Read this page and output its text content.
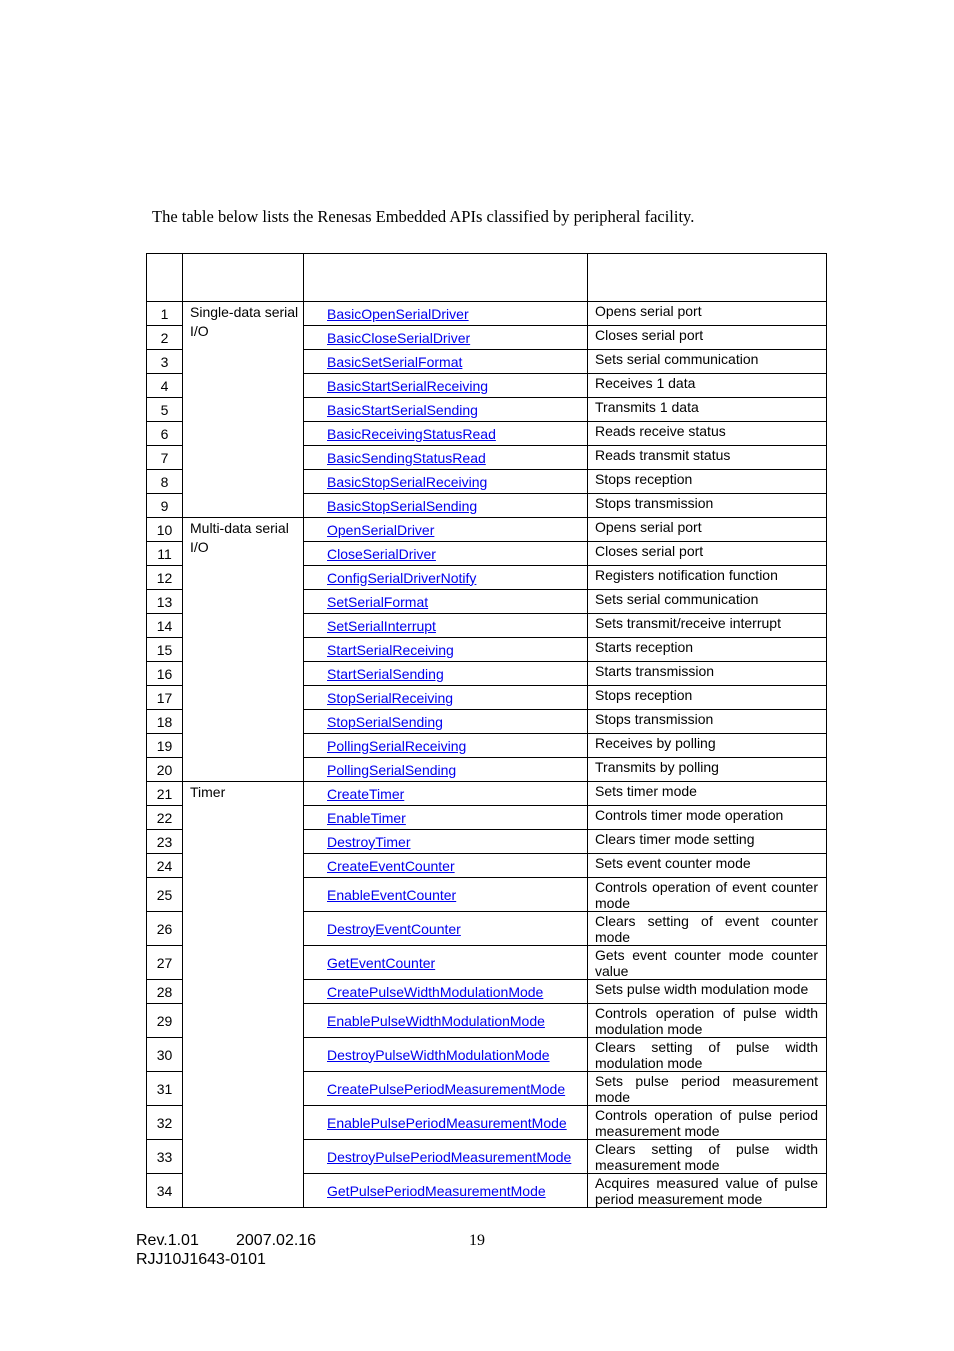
The table below lists the Renesas Embedded APIs classified by peripheral facility.

1	Single-data serial I/O	BasicOpenSerialDriver	Opens serial port
2		BasicCloseSerialDriver	Closes serial port
3		BasicSetSerialFormat	Sets serial communication
4		BasicStartSerialReceiving	Receives 1 data
5		BasicStartSerialSending	Transmits 1 data
6		BasicReceivingStatusRead	Reads receive status
7		BasicSendingStatusRead	Reads transmit status
8		BasicStopSerialReceiving	Stops reception
9		BasicStopSerialSending	Stops transmission
10	Multi-data serial I/O	OpenSerialDriver	Opens serial port
11		CloseSerialDriver	Closes serial port
12		ConfigSerialDriverNotify	Registers notification function
13		SetSerialFormat	Sets serial communication
14		SetSerialInterrupt	Sets transmit/receive interrupt
15		StartSerialReceiving	Starts reception
16		StartSerialSending	Starts transmission
17		StopSerialReceiving	Stops reception
18		StopSerialSending	Stops transmission
19		PollingSerialReceiving	Receives by polling
20		PollingSerialSending	Transmits by polling
21	Timer	CreateTimer	Sets timer mode
22		EnableTimer	Controls timer mode operation
23		DestroyTimer	Clears timer mode setting
24		CreateEventCounter	Sets event counter mode
25		EnableEventCounter	Controls operation of event counter mode
26		DestroyEventCounter	Clears setting of event counter mode
27		GetEventCounter	Gets event counter mode counter value
28		CreatePulseWidthModulationMode	Sets pulse width modulation mode
29		EnablePulseWidthModulationMode	Controls operation of pulse width modulation mode
30		DestroyPulseWidthModulationMode	Clears setting of pulse width modulation mode
31		CreatePulsePeriodMeasurementMode	Sets pulse period measurement mode
32		EnablePulsePeriodMeasurementMode	Controls operation of pulse period measurement mode
33		DestroyPulsePeriodMeasurementMode	Clears setting of pulse width measurement mode
34		GetPulsePeriodMeasurementMode	Acquires measured value of pulse period measurement mode
Rev.1.01 2007.02.16	19
RJJ10J1643-0101
